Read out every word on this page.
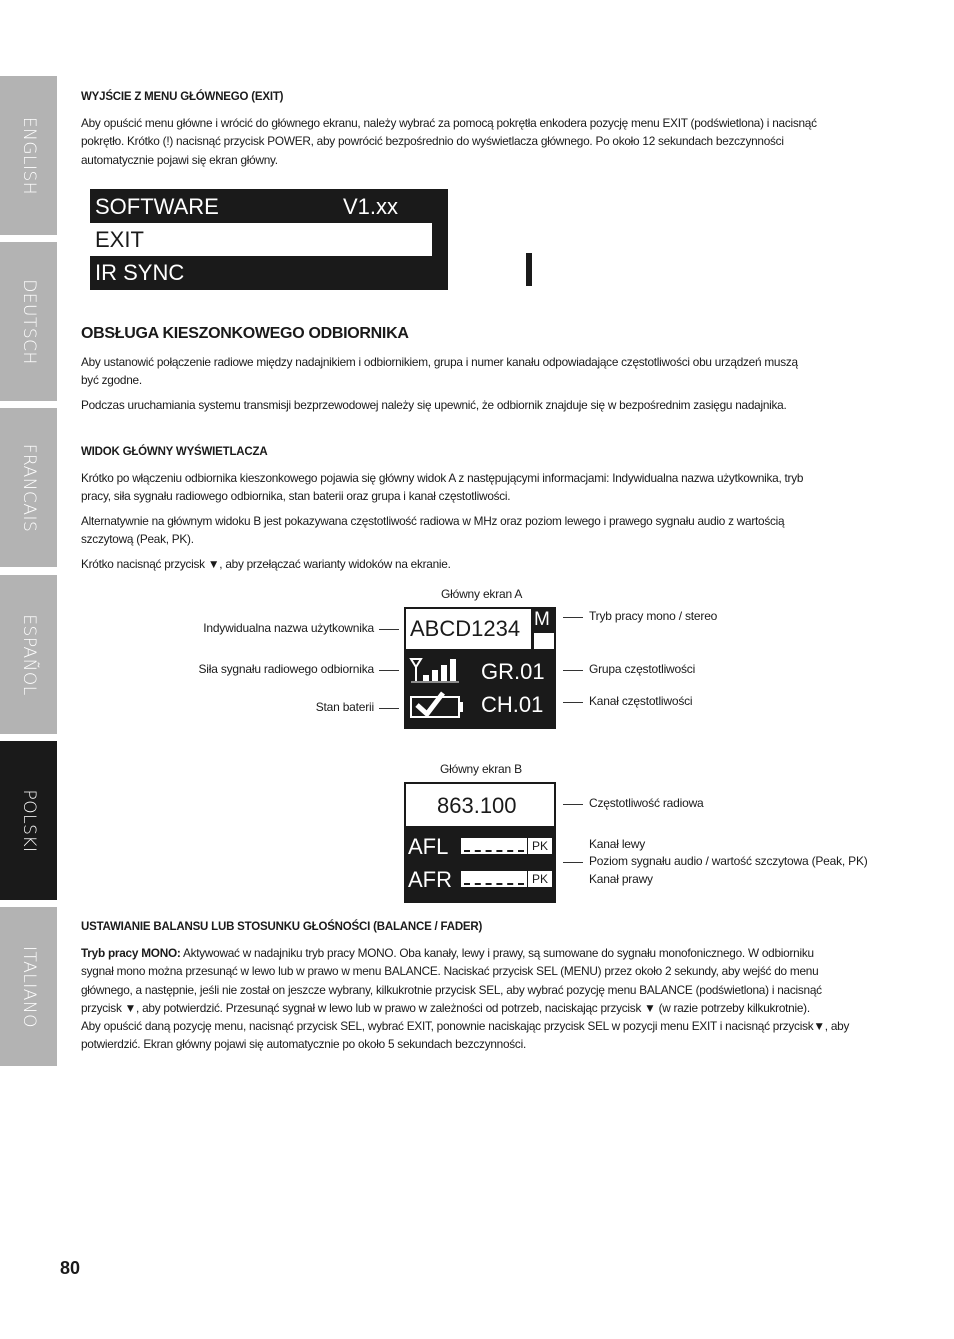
ENGLISH
DEUTSCH
FRANCAIS
ESPAÑOL
POLSKI
ITALIANO
WYJŚCIE Z MENU GŁÓWNEGO (EXIT)
Aby opuścić menu główne i wrócić do głównego ekranu, należy wybrać za pomocą pokrętła enkodera pozycję menu EXIT (podświetlona) i nacisnąć
pokrętło. Krótko (!) nacisnąć przycisk POWER, aby powrócić bezpośrednio do wyświetlacza głównego. Po około 12 sekundach bezczynności
automatycznie pojawi się ekran główny.
SOFTWARE	V1.xx
EXIT
IR SYNC
OBSŁUGA KIESZONKOWEGO ODBIORNIKA
Aby ustanowić połączenie radiowe między nadajnikiem i odbiornikiem, grupa i numer kanału odpowiadające częstotliwości obu urządzeń muszą
być zgodne.
Podczas uruchamiania systemu transmisji bezprzewodowej należy się upewnić, że odbiornik znajduje się w bezpośrednim zasięgu nadajnika.
WIDOK GŁÓWNY WYŚWIETLACZA
Krótko po włączeniu odbiornika kieszonkowego pojawia się główny widok A z następującymi informacjami: Indywidualna nazwa użytkownika, tryb
pracy, siła sygnału radiowego odbiornika, stan baterii oraz grupa i kanał częstotliwości.
Alternatywnie na głównym widoku B jest pokazywana częstotliwość radiowa w MHz oraz poziom lewego i prawego sygnału audio z wartością
szczytową (Peak, PK).
Krótko nacisnąć przycisk ▼, aby przełączać warianty widoków na ekranie.
Główny ekran A
ABCD1234 M
GR.01
CH.01
Indywidualna nazwa użytkownika
Siła sygnału radiowego odbiornika
Stan baterii
Tryb pracy mono / stereo
Grupa częstotliwości
Kanał częstotliwości
Główny ekran B
863.100
AFL	PK
AFR	PK
Częstotliwość radiowa
Kanał lewy
Poziom sygnału audio / wartość szczytowa (Peak, PK)
Kanał prawy
USTAWIANIE BALANSU LUB STOSUNKU GŁOŚNOŚCI (BALANCE / FADER)
Tryb pracy MONO: Aktywować w nadajniku tryb pracy MONO. Oba kanały, lewy i prawy, są sumowane do sygnału monofonicznego. W odbiorniku
sygnał mono można przesunąć w lewo lub w prawo w menu BALANCE. Naciskać przycisk SEL (MENU) przez około 2 sekundy, aby wejść do menu
głównego, a następnie, jeśli nie został on jeszcze wybrany, kilkukrotnie przycisk SEL, aby wybrać pozycję menu BALANCE (podświetlona) i nacisnąć
przycisk ▼, aby potwierdzić. Przesunąć sygnał w lewo lub w prawo w zależności od potrzeb, naciskając przycisk ▼ (w razie potrzeby kilkukrotnie).
Aby opuścić daną pozycję menu, nacisnąć przycisk SEL, wybrać EXIT, ponownie naciskając przycisk SEL w pozycji menu EXIT i nacisnąć przycisk▼, aby
potwierdzić. Ekran główny pojawi się automatycznie po około 5 sekundach bezczynności.
80
